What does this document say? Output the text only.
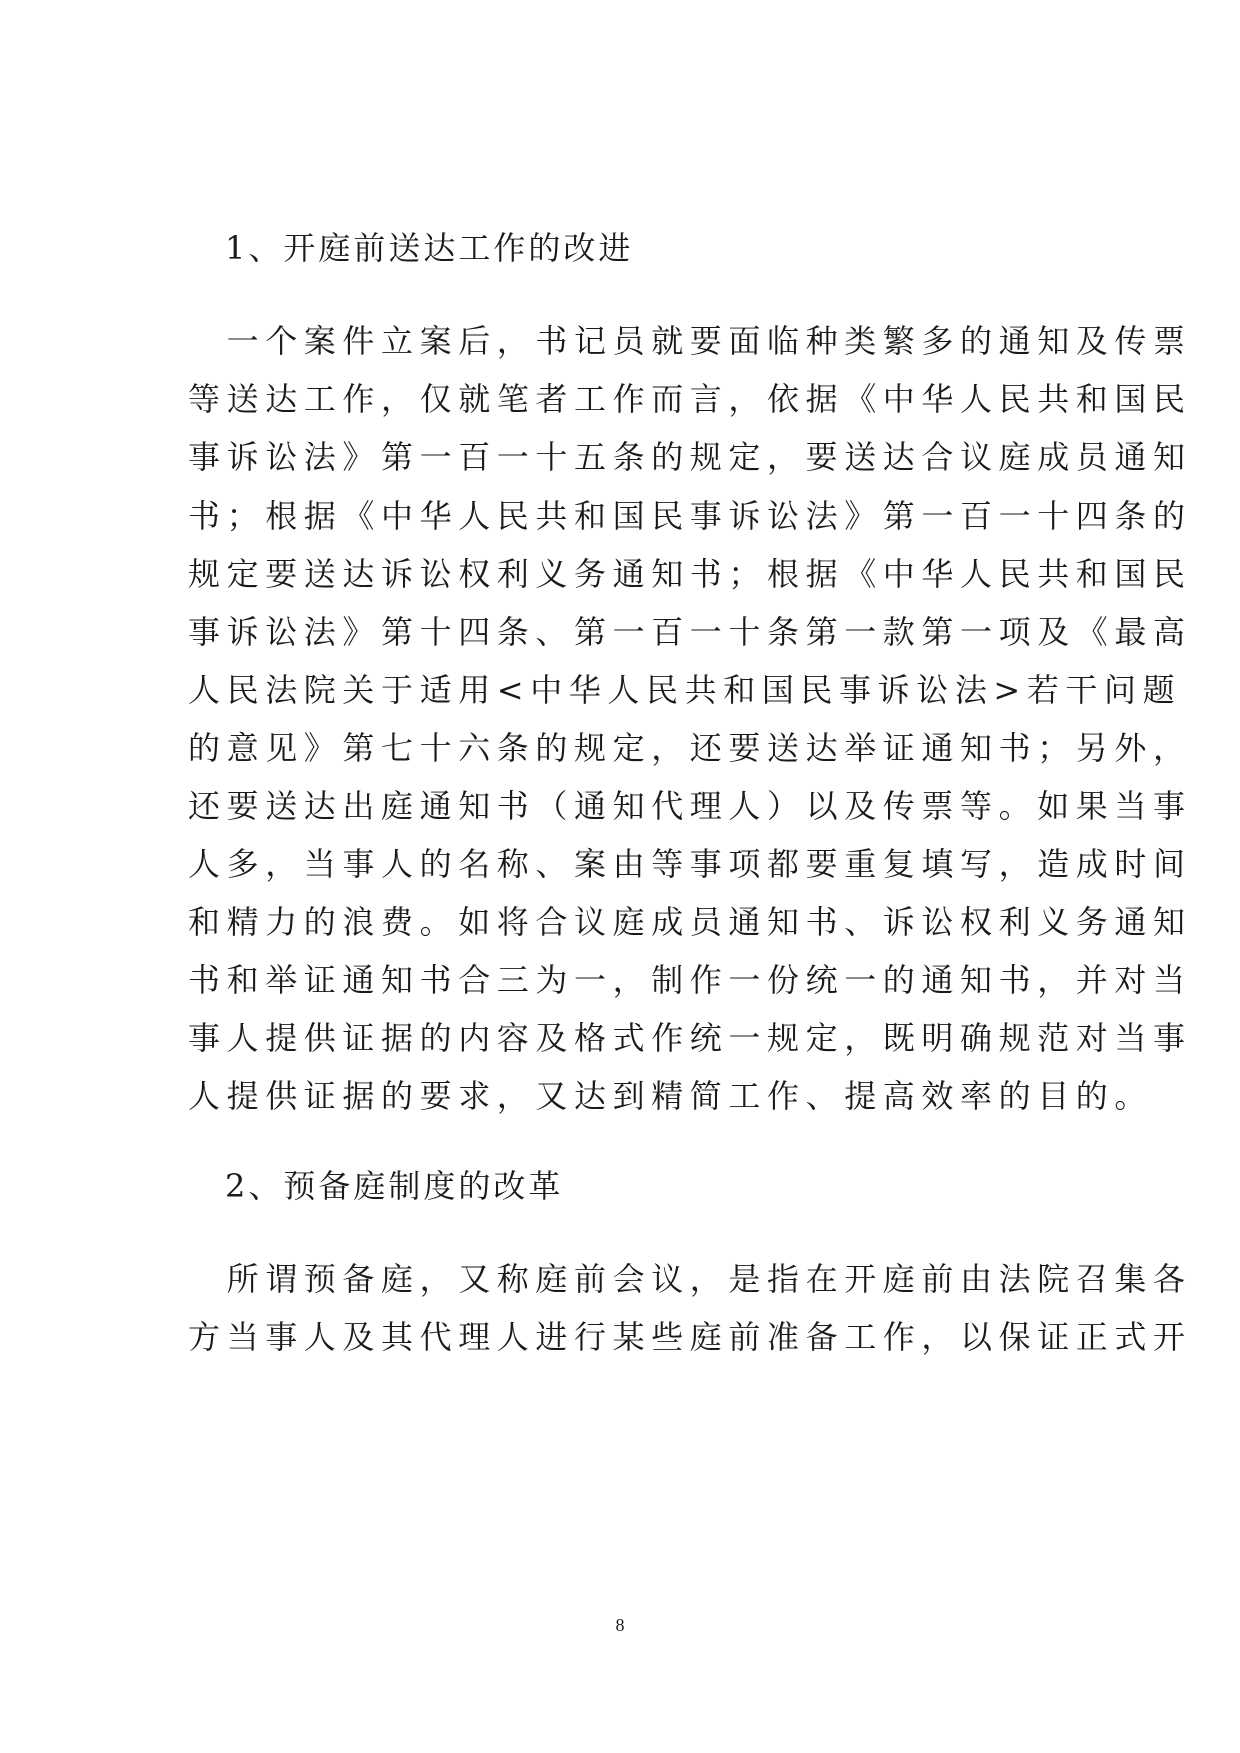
1、开庭前送达工作的改进

　一个案件立案后，书记员就要面临种类繁多的通知及传票

等送达工作，仅就笔者工作而言，依据《中华人民共和国民

事诉讼法》第一百一十五条的规定，要送达合议庭成员通知

书；根据《中华人民共和国民事诉讼法》第一百一十四条的

规定要送达诉讼权利义务通知书；根据《中华人民共和国民

事诉讼法》第十四条、第一百一十条第一款第一项及《最高

人民法院关于适用<中华人民共和国民事诉讼法>若干问题

的意见》第七十六条的规定，还要送达举证通知书；另外，

还要送达出庭通知书（通知代理人）以及传票等。如果当事

人多，当事人的名称、案由等事项都要重复填写，造成时间

和精力的浪费。如将合议庭成员通知书、诉讼权利义务通知

书和举证通知书合三为一，制作一份统一的通知书，并对当

事人提供证据的内容及格式作统一规定，既明确规范对当事

人提供证据的要求，又达到精简工作、提高效率的目的。

2、预备庭制度的改革

　所谓预备庭，又称庭前会议，是指在开庭前由法院召集各

方当事人及其代理人进行某些庭前准备工作，以保证正式开

8
